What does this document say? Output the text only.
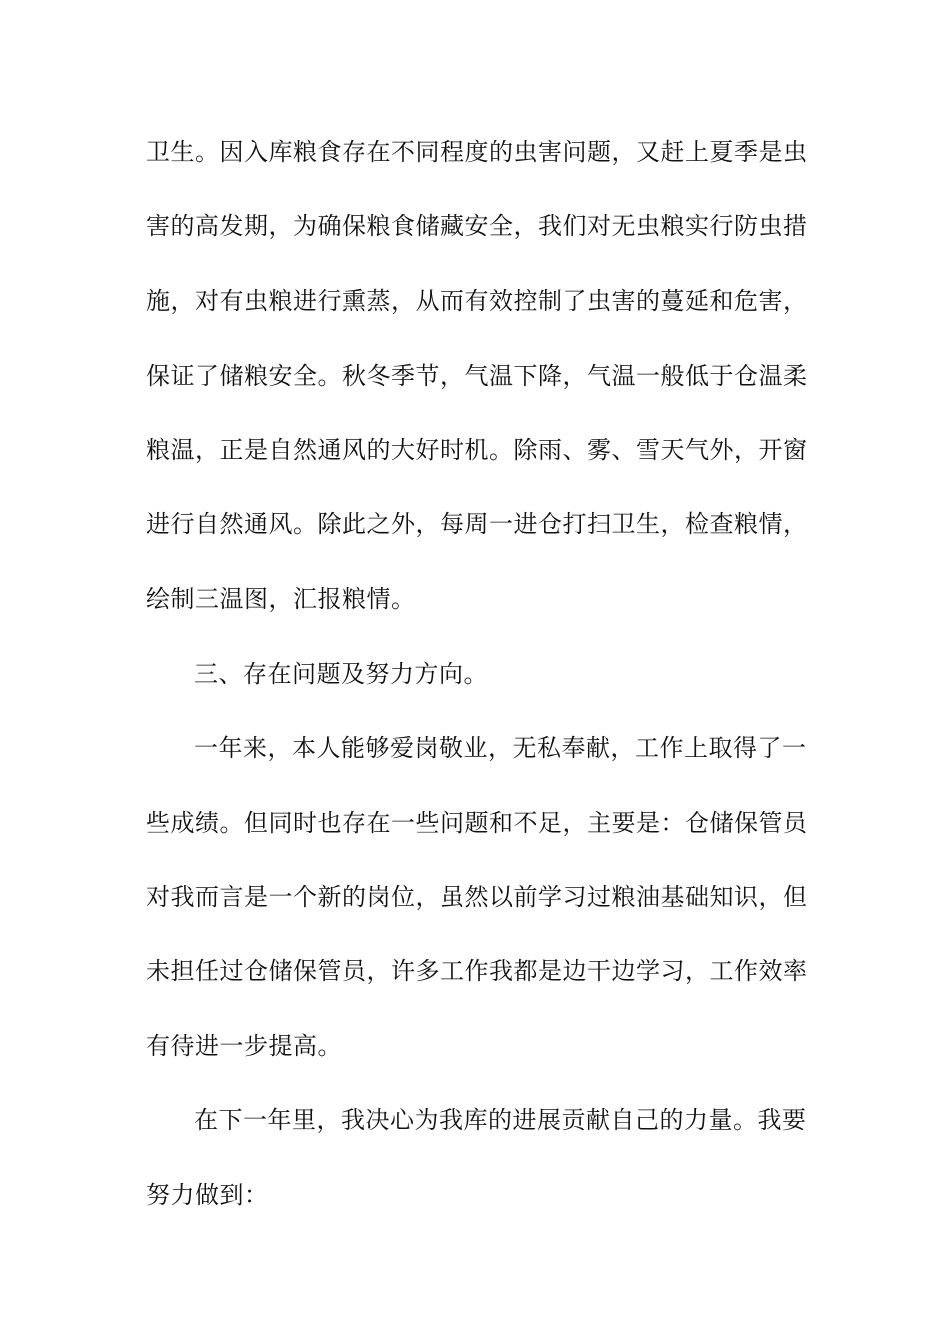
卫生。因入库粮食存在不同程度的虫害问题，又赶上夏季是虫
害的高发期，为确保粮食储藏安全，我们对无虫粮实行防虫措
施，对有虫粮进行熏蒸，从而有效控制了虫害的蔓延和危害，
保证了储粮安全。秋冬季节，气温下降，气温一般低于仓温柔
粮温，正是自然通风的大好时机。除雨、雾、雪天气外，开窗
进行自然通风。除此之外，每周一进仓打扫卫生，检查粮情，
绘制三温图，汇报粮情。
三、存在问题及努力方向。
一年来，本人能够爱岗敬业，无私奉献，工作上取得了一
些成绩。但同时也存在一些问题和不足，主要是：仓储保管员
对我而言是一个新的岗位，虽然以前学习过粮油基础知识，但
未担任过仓储保管员，许多工作我都是边干边学习，工作效率
有待进一步提高。
在下一年里，我决心为我库的进展贡献自己的力量。我要
努力做到：
